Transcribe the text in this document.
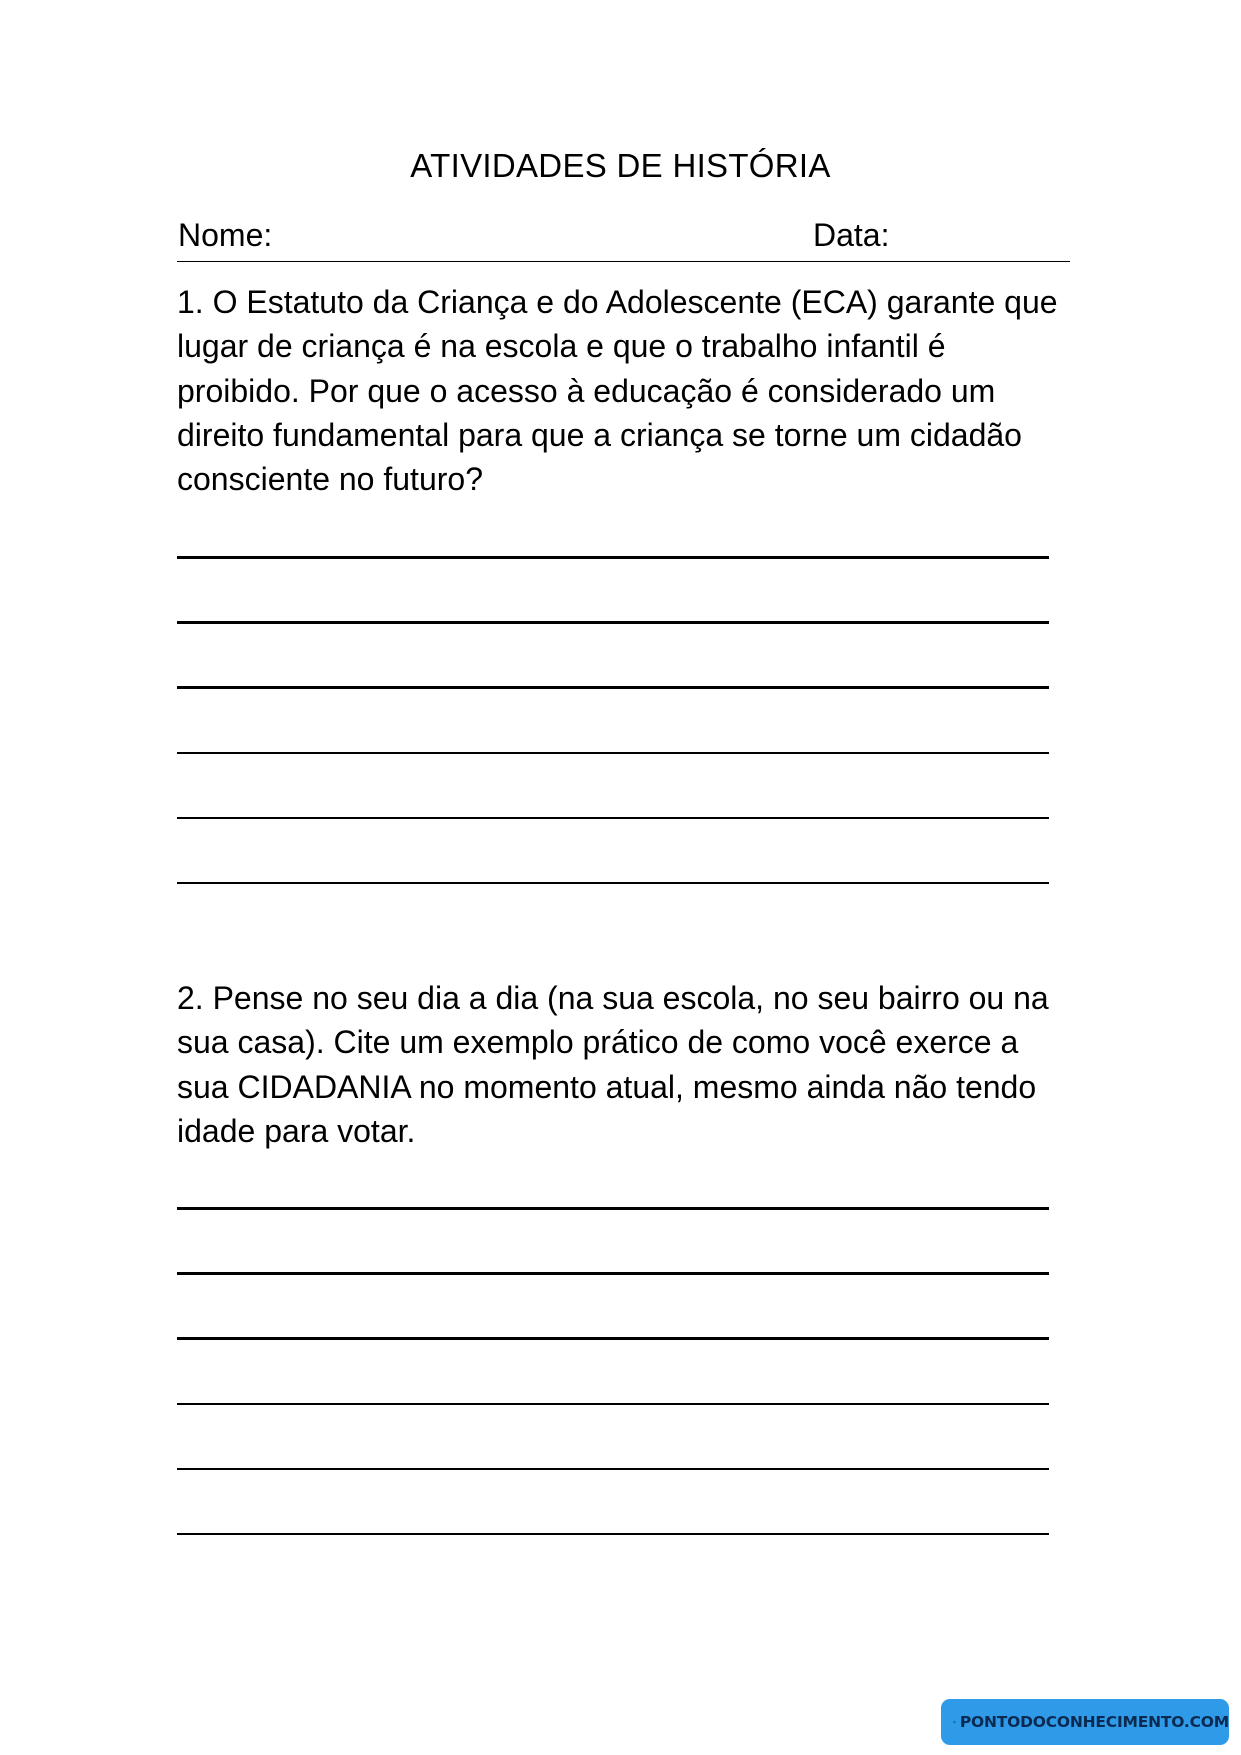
ATIVIDADES DE HISTÓRIA
Nome:	Data:

1. O Estatuto da Criança e do Adolescente (ECA) garante que lugar de criança é na escola e que o trabalho infantil é proibido. Por que o acesso à educação é considerado um direito fundamental para que a criança se torne um cidadão consciente no futuro?

2. Pense no seu dia a dia (na sua escola, no seu bairro ou na sua casa). Cite um exemplo prático de como você exerce a sua CIDADANIA no momento atual, mesmo ainda não tendo idade para votar.

PONTODOCONHECIMENTO.COM
